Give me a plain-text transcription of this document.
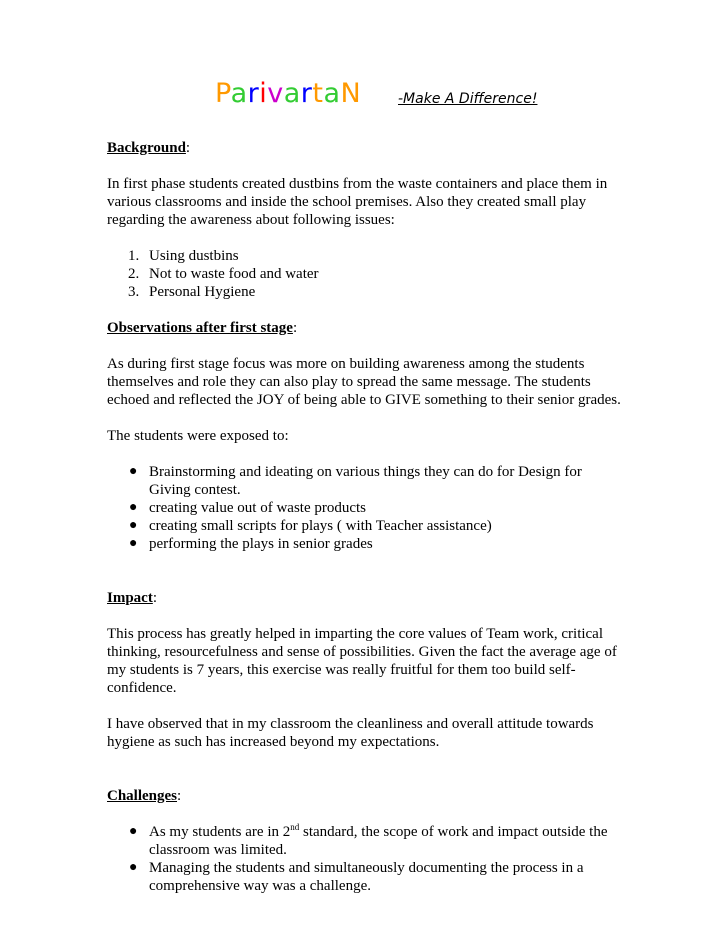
ParivartaN	-Make A Difference!

Background:

In first phase students created dustbins from the waste containers and place them in various classrooms and inside the school premises. Also they created small play regarding the awareness about following issues:

1. Using dustbins
2. Not to waste food and water
3. Personal Hygiene

Observations after first stage:

As during first stage focus was more on building awareness among the students themselves and role they can also play to spread the same message. The students echoed and reflected the JOY of being able to GIVE something to their senior grades.

The students were exposed to:

● Brainstorming and ideating on various things they can do for Design for Giving contest.
● creating value out of waste products
● creating small scripts for plays ( with Teacher assistance)
● performing the plays in senior grades

Impact:

This process has greatly helped in imparting the core values of Team work, critical thinking, resourcefulness and sense of possibilities. Given the fact the average age of my students is 7 years, this exercise was really fruitful for them too build self-confidence.

I have observed that in my classroom the cleanliness and overall attitude towards hygiene as such has increased beyond my expectations.

Challenges:

● As my students are in 2nd standard, the scope of work and impact outside the classroom was limited.
● Managing the students and simultaneously documenting the process in a comprehensive way was a challenge.
